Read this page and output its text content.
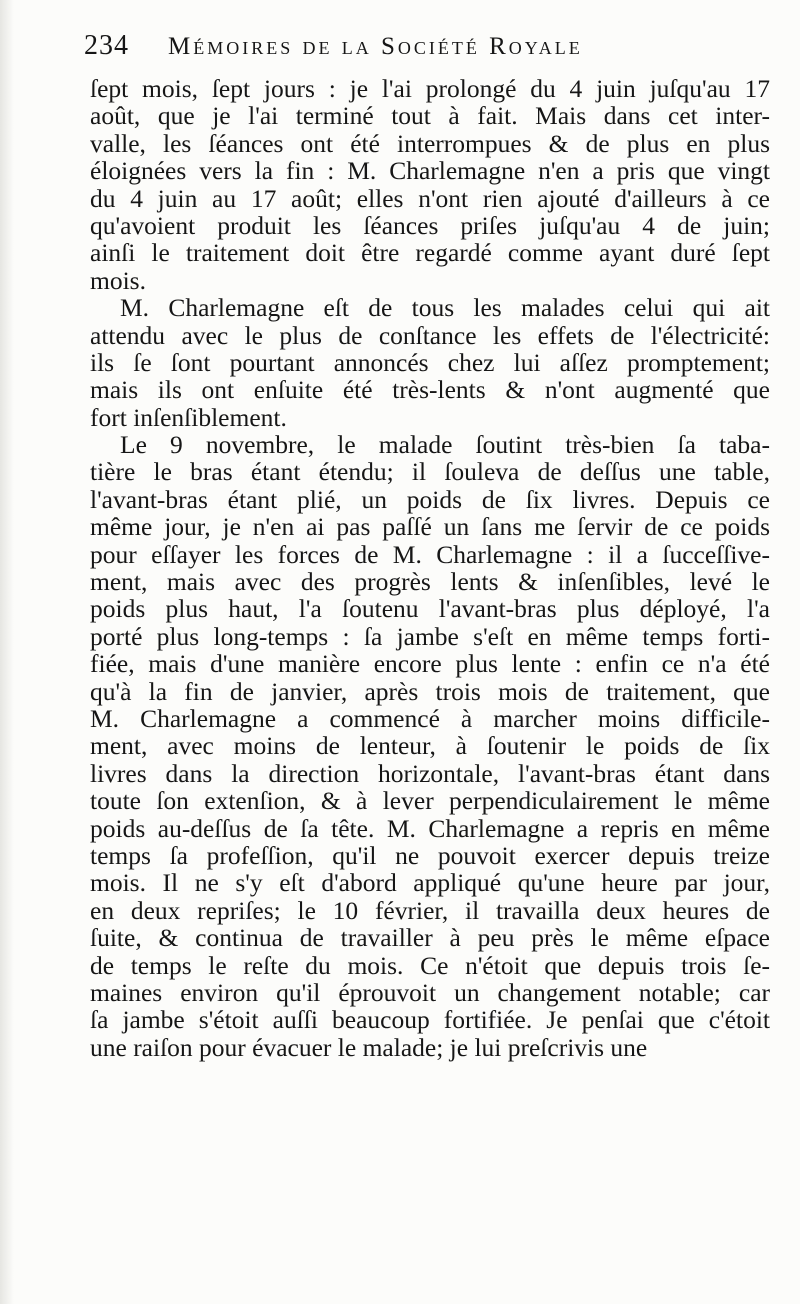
234	Mémoires de la Société Royale
ſept mois, ſept jours : je l'ai prolongé du 4 juin juſqu'au 17
août, que je l'ai terminé tout à fait. Mais dans cet inter-
valle, les ſéances ont été interrompues & de plus en plus
éloignées vers la fin : M. Charlemagne n'en a pris que vingt
du 4 juin au 17 août; elles n'ont rien ajouté d'ailleurs à ce
qu'avoient produit les ſéances priſes juſqu'au 4 de juin;
ainſi le traitement doit être regardé comme ayant duré ſept
mois.
M. Charlemagne eſt de tous les malades celui qui ait
attendu avec le plus de conſtance les effets de l'électricité:
ils ſe ſont pourtant annoncés chez lui aſſez promptement;
mais ils ont enſuite été très-lents & n'ont augmenté que
fort inſenſiblement.
Le 9 novembre, le malade ſoutint très-bien ſa taba-
tière le bras étant étendu; il ſouleva de deſſus une table,
l'avant-bras étant plié, un poids de ſix livres. Depuis ce
même jour, je n'en ai pas paſſé un ſans me ſervir de ce poids
pour eſſayer les forces de M. Charlemagne : il a ſucceſſive-
ment, mais avec des progrès lents & inſenſibles, levé le
poids plus haut, l'a ſoutenu l'avant-bras plus déployé, l'a
porté plus long-temps : ſa jambe s'eſt en même temps forti-
fiée, mais d'une manière encore plus lente : enfin ce n'a été
qu'à la fin de janvier, après trois mois de traitement, que
M. Charlemagne a commencé à marcher moins difficile-
ment, avec moins de lenteur, à ſoutenir le poids de ſix
livres dans la direction horizontale, l'avant-bras étant dans
toute ſon extenſion, & à lever perpendiculairement le même
poids au-deſſus de ſa tête. M. Charlemagne a repris en même
temps ſa profeſſion, qu'il ne pouvoit exercer depuis treize
mois. Il ne s'y eſt d'abord appliqué qu'une heure par jour,
en deux repriſes; le 10 février, il travailla deux heures de
ſuite, & continua de travailler à peu près le même eſpace
de temps le reſte du mois. Ce n'étoit que depuis trois ſe-
maines environ qu'il éprouvoit un changement notable; car
ſa jambe s'étoit auſſi beaucoup fortifiée. Je penſai que c'étoit
une raiſon pour évacuer le malade; je lui preſcrivis une
